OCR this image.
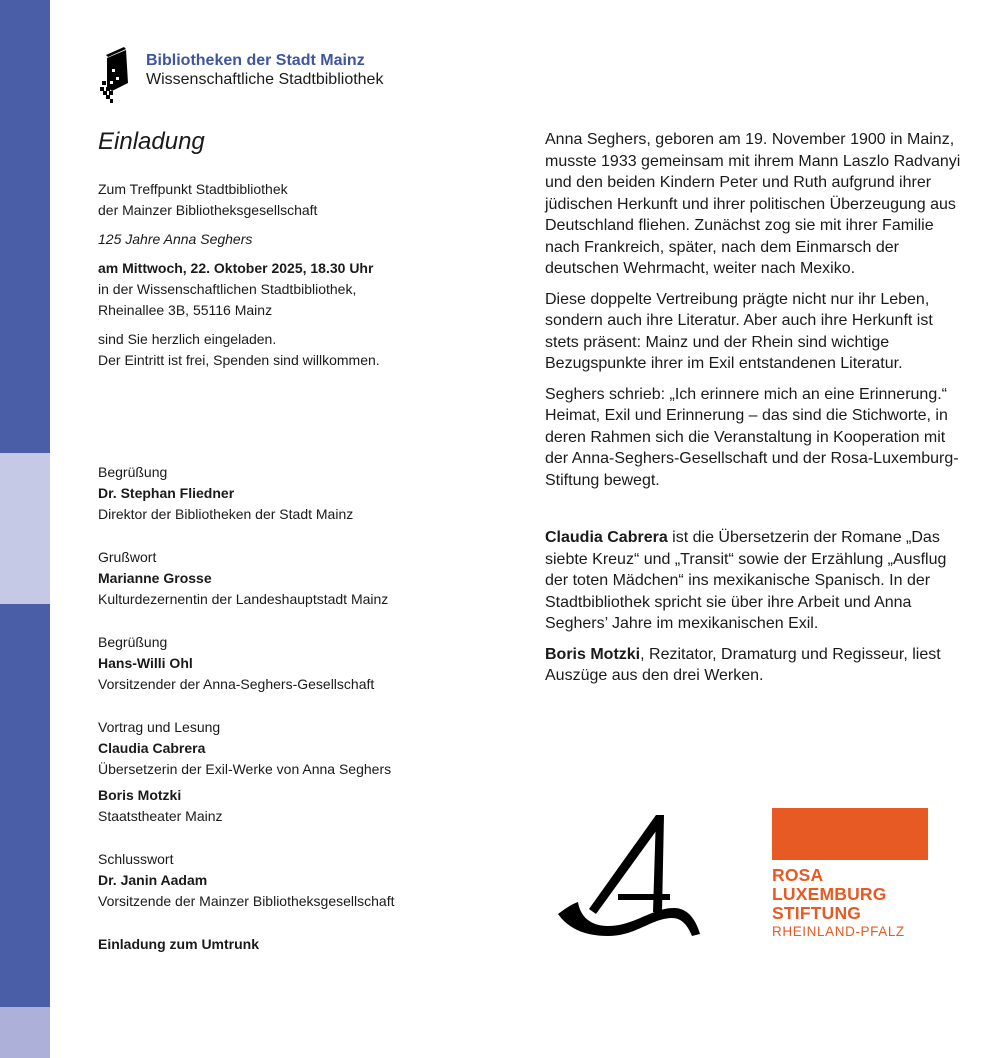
Bibliotheken der Stadt Mainz
Wissenschaftliche Stadtbibliothek
Einladung

Zum Treffpunkt Stadtbibliothek
der Mainzer Bibliotheksgesellschaft

125 Jahre Anna Seghers

am Mittwoch, 22. Oktober 2025, 18.30 Uhr
in der Wissenschaftlichen Stadtbibliothek,
Rheinallee 3B, 55116 Mainz

sind Sie herzlich eingeladen.
Der Eintritt ist frei, Spenden sind willkommen.

Begrüßung
Dr. Stephan Fliedner
Direktor der Bibliotheken der Stadt Mainz
Grußwort
Marianne Grosse
Kulturdezernentin der Landeshauptstadt Mainz
Begrüßung
Hans-Willi Ohl
Vorsitzender der Anna-Seghers-Gesellschaft
Vortrag und Lesung
Claudia Cabrera
Übersetzerin der Exil-Werke von Anna Seghers
Boris Motzki
Staatstheater Mainz
Schlusswort
Dr. Janin Aadam
Vorsitzende der Mainzer Bibliotheksgesellschaft
Einladung zum Umtrunk

Anna Seghers, geboren am 19. November 1900 in Mainz, musste 1933 gemeinsam mit ihrem Mann Laszlo Radvanyi und den beiden Kindern Peter und Ruth aufgrund ihrer jüdischen Herkunft und ihrer politischen Überzeugung aus Deutschland fliehen. Zunächst zog sie mit ihrer Familie nach Frankreich, später, nach dem Einmarsch der deutschen Wehrmacht, weiter nach Mexiko.

Diese doppelte Vertreibung prägte nicht nur ihr Leben, sondern auch ihre Literatur. Aber auch ihre Herkunft ist stets präsent: Mainz und der Rhein sind wichtige Bezugspunkte ihrer im Exil entstandenen Literatur.

Seghers schrieb: „Ich erinnere mich an eine Erinnerung.“ Heimat, Exil und Erinnerung – das sind die Stichworte, in deren Rahmen sich die Veranstaltung in Kooperation mit der Anna-Seghers-Gesellschaft und der Rosa-Luxemburg-Stiftung bewegt.

Claudia Cabrera ist die Übersetzerin der Romane „Das siebte Kreuz“ und „Transit“ sowie der Erzählung „Ausflug der toten Mädchen“ ins mexikanische Spanisch. In der Stadtbibliothek spricht sie über ihre Arbeit und Anna Seghers’ Jahre im mexikanischen Exil.

Boris Motzki, Rezitator, Dramaturg und Regisseur, liest Auszüge aus den drei Werken.

ROSA
LUXEMBURG
STIFTUNG
RHEINLAND-PFALZ
